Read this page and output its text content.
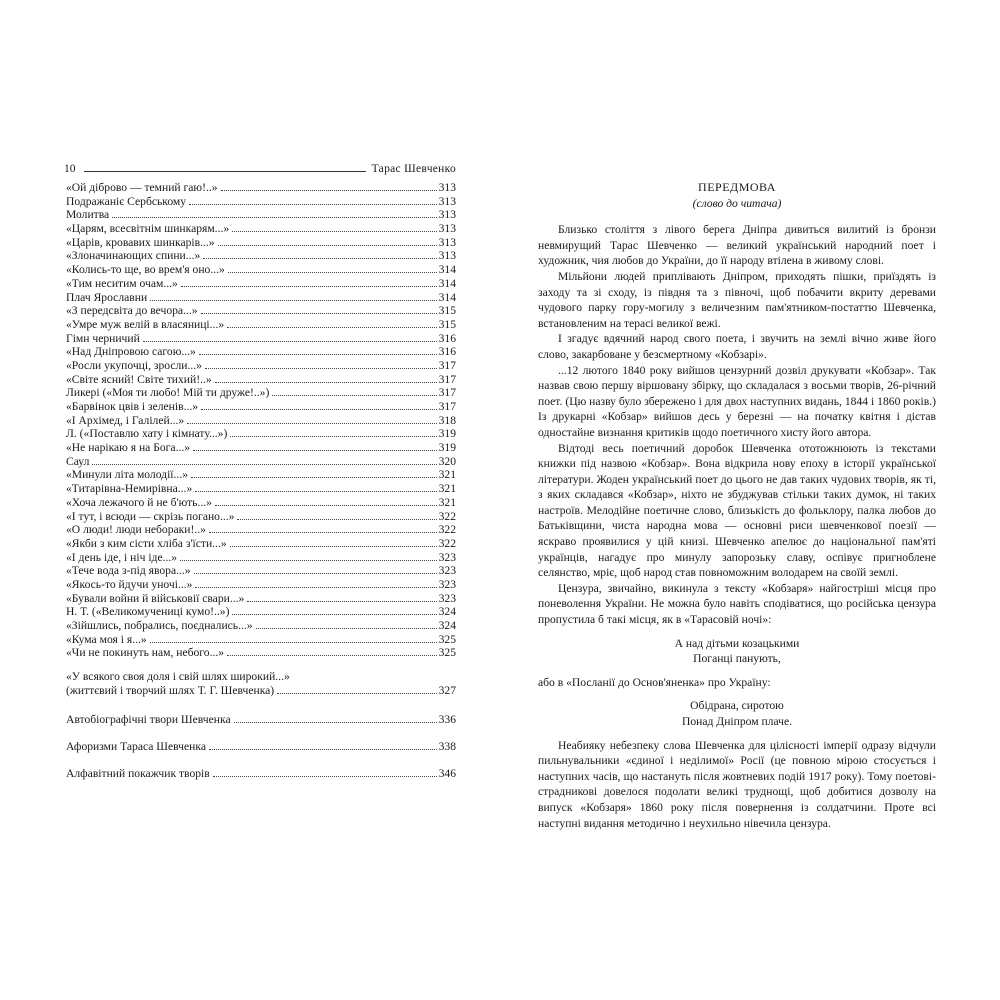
10	Тарас Шевченко
«Ой діброво — темний гаю!..»	313
Подражаніє Сербському	313
Молитва	313
«Царям, всесвітнім шинкарям...»	313
«Царів, кровавих шинкарів...»	313
«Злоначинающих спини...»	313
«Колись-то ще, во врем'я оно...»	314
«Тим неситим очам...»	314
Плач Ярославни	314
«З передсвіта до вечора...»	315
«Умре муж велій в власяниці...»	315
Гімн черничий	316
«Над Дніпровою сагою...»	316
«Росли укупочці, зросли...»	317
«Світе ясний! Світе тихий!..»	317
Ликері («Моя ти любо! Мій ти друже!..»)	317
«Барвінок цвів і зеленів...»	317
«І Архімед, і Галілей...»	318
Л. («Поставлю хату і кімнату...»)	319
«Не нарікаю я на Бога...»	319
Саул	320
«Минули літа молодії...»	321
«Титарівна-Немирівна...»	321
«Хоча лежачого й не б'ють...»	321
«І тут, і всюди — скрізь погано...»	322
«О люди! люди небораки!..»	322
«Якби з ким сісти хліба з'їсти...»	322
«І день іде, і ніч іде...»	323
«Тече вода з-під явора...»	323
«Якось-то йдучи уночі...»	323
«Бували войни й військовії свари...»	323
Н. Т. («Великомучениці кумо!..»)	324
«Зійшлись, побрались, поєднались...»	324
«Кума моя і я...»	325
«Чи не покинуть нам, небого...»	325
«У всякого своя доля і свій шлях широкий...»
(життєвий і творчий шлях Т. Г. Шевченка)	327
Автобіографічні твори Шевченка	336
Афоризми Тараса Шевченка	338
Алфавітний покажчик творів	346
ПЕРЕДМОВА
(слово до читача)

Близько століття з лівого берега Дніпра дивиться вилитий із бронзи невмирущий Тарас Шевченко — великий український народний поет і художник, чия любов до України, до її народу втілена в живому слові.

Мільйони людей приплівають Дніпром, приходять пішки, приїздять із заходу та зі сходу, із півдня та з півночі, щоб побачити вкриту деревами чудового парку гору-могилу з величезним пам'ятником-постаттю Шевченка, встановленим на терасі великої вежі.

І згадує вдячний народ свого поета, і звучить на землі вічно живе його слово, закарбоване у безсмертному «Кобзарі».

...12 лютого 1840 року вийшов цензурний дозвіл друкувати «Кобзар». Так назвав свою першу віршовану збірку, що складалася з восьми творів, 26-річний поет. (Цю назву було збережено і для двох наступних видань, 1844 і 1860 років.) Із друкарні «Кобзар» вийшов десь у березні — на початку квітня і дістав одностайне визнання критиків щодо поетичного хисту його автора.

Відтоді весь поетичний доробок Шевченка ототожнюють із текстами книжки під назвою «Кобзар». Вона відкрила нову епоху в історії української літератури. Жоден український поет до цього не дав таких чудових творів, як ті, з яких складався «Кобзар», ніхто не збуджував стільки таких думок, ні таких настроїв. Мелодійне поетичне слово, близькість до фольклору, палка любов до Батьківщини, чиста народна мова — основні риси шевченкової поезії — яскраво проявилися у цій книзі. Шевченко апелює до національної пам'яті українців, нагадує про минулу запорозьку славу, оспівує пригноблене селянство, мріє, щоб народ став повноможним володарем на своїй землі.

Цензура, звичайно, викинула з тексту «Кобзаря» найгостріші місця про поневолення України. Не можна було навіть сподіватися, що російська цензура пропустила б такі місця, як в «Тарасовій ночі»:

А над дітьми козацькими
Поганці панують,

або в «Посланії до Основ'яненка» про Україну:

Обідрана, сиротою
Понад Дніпром плаче.

Неабияку небезпеку слова Шевченка для цілісності імперії одразу відчули пильнувальники «єдиної і неділимої» Росії (це повною мірою стосується і наступних часів, що настануть після жовтневих подій 1917 року). Тому поетові-страдникові довелося подолати великі труднощі, щоб добитися дозволу на випуск «Кобзаря» 1860 року після повернення із солдатчини. Проте всі наступні видання методично і неухильно нівечила цензура.
